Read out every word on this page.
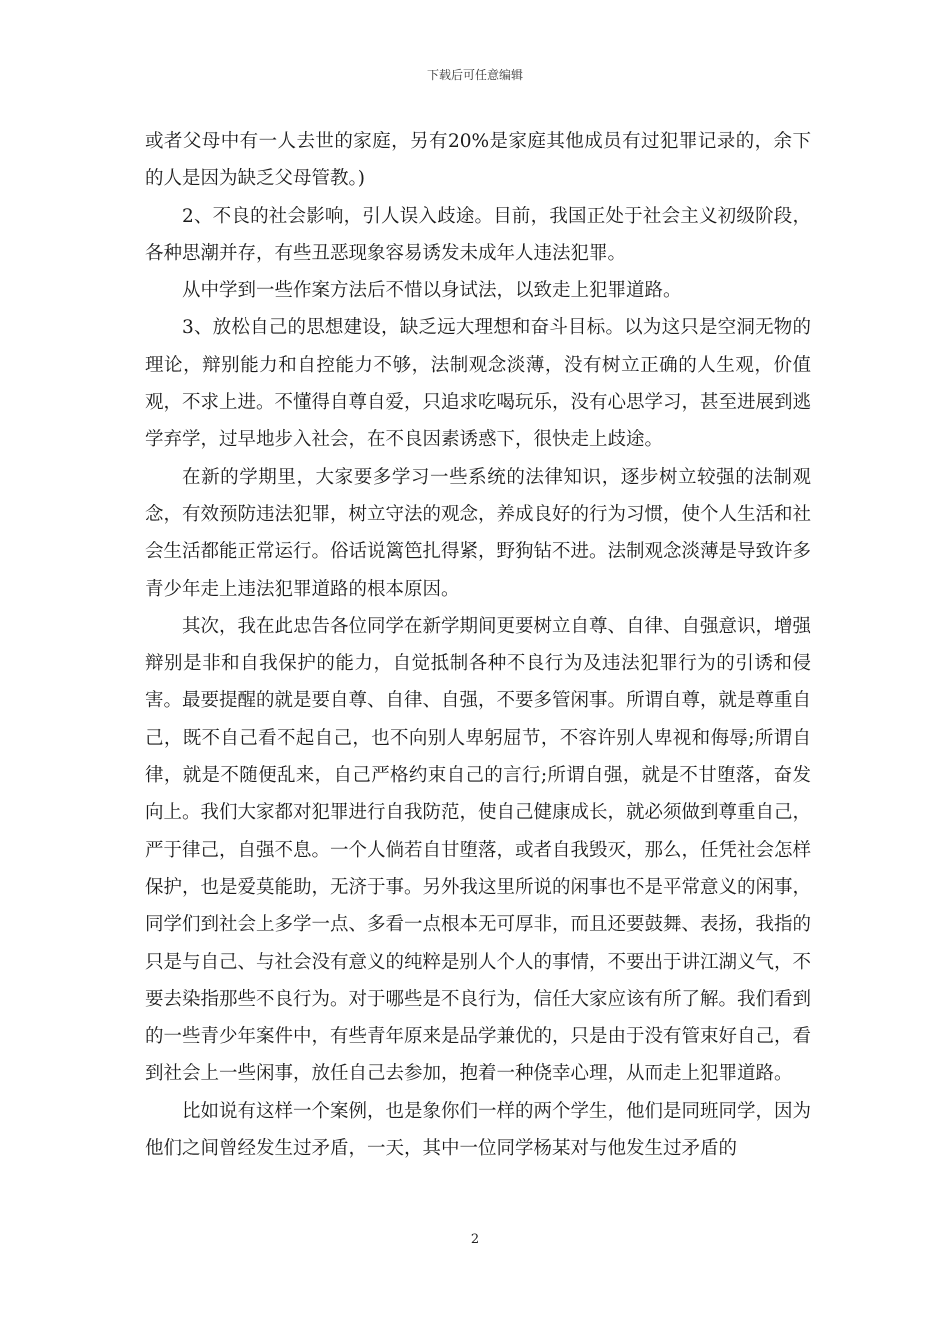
下载后可任意编辑

或者父母中有一人去世的家庭，另有20%是家庭其他成员有过犯罪记录的，余下的人是因为缺乏父母管教。)

2、不良的社会影响，引人误入歧途。目前，我国正处于社会主义初级阶段，各种思潮并存，有些丑恶现象容易诱发未成年人违法犯罪。

从中学到一些作案方法后不惜以身试法，以致走上犯罪道路。

3、放松自己的思想建设，缺乏远大理想和奋斗目标。以为这只是空洞无物的理论，辩别能力和自控能力不够，法制观念淡薄，没有树立正确的人生观，价值观，不求上进。不懂得自尊自爱，只追求吃喝玩乐，没有心思学习，甚至进展到逃学弃学，过早地步入社会，在不良因素诱惑下，很快走上歧途。

在新的学期里，大家要多学习一些系统的法律知识，逐步树立较强的法制观念，有效预防违法犯罪，树立守法的观念，养成良好的行为习惯，使个人生活和社会生活都能正常运行。俗话说篱笆扎得紧，野狗钻不进。法制观念淡薄是导致许多青少年走上违法犯罪道路的根本原因。

其次，我在此忠告各位同学在新学期间更要树立自尊、自律、自强意识，增强辩别是非和自我保护的能力，自觉抵制各种不良行为及违法犯罪行为的引诱和侵害。最要提醒的就是要自尊、自律、自强，不要多管闲事。所谓自尊，就是尊重自己，既不自己看不起自己，也不向别人卑躬屈节，不容许别人卑视和侮辱;所谓自律，就是不随便乱来，自己严格约束自己的言行;所谓自强，就是不甘堕落，奋发向上。我们大家都对犯罪进行自我防范，使自己健康成长，就必须做到尊重自己，严于律己，自强不息。一个人倘若自甘堕落，或者自我毁灭，那么，任凭社会怎样保护，也是爱莫能助，无济于事。另外我这里所说的闲事也不是平常意义的闲事，同学们到社会上多学一点、多看一点根本无可厚非，而且还要鼓舞、表扬，我指的只是与自己、与社会没有意义的纯粹是别人个人的事情，不要出于讲江湖义气，不要去染指那些不良行为。对于哪些是不良行为，信任大家应该有所了解。我们看到的一些青少年案件中，有些青年原来是品学兼优的，只是由于没有管束好自己，看到社会上一些闲事，放任自己去参加，抱着一种侥幸心理，从而走上犯罪道路。

比如说有这样一个案例，也是象你们一样的两个学生，他们是同班同学，因为他们之间曾经发生过矛盾，一天，其中一位同学杨某对与他发生过矛盾的

2
